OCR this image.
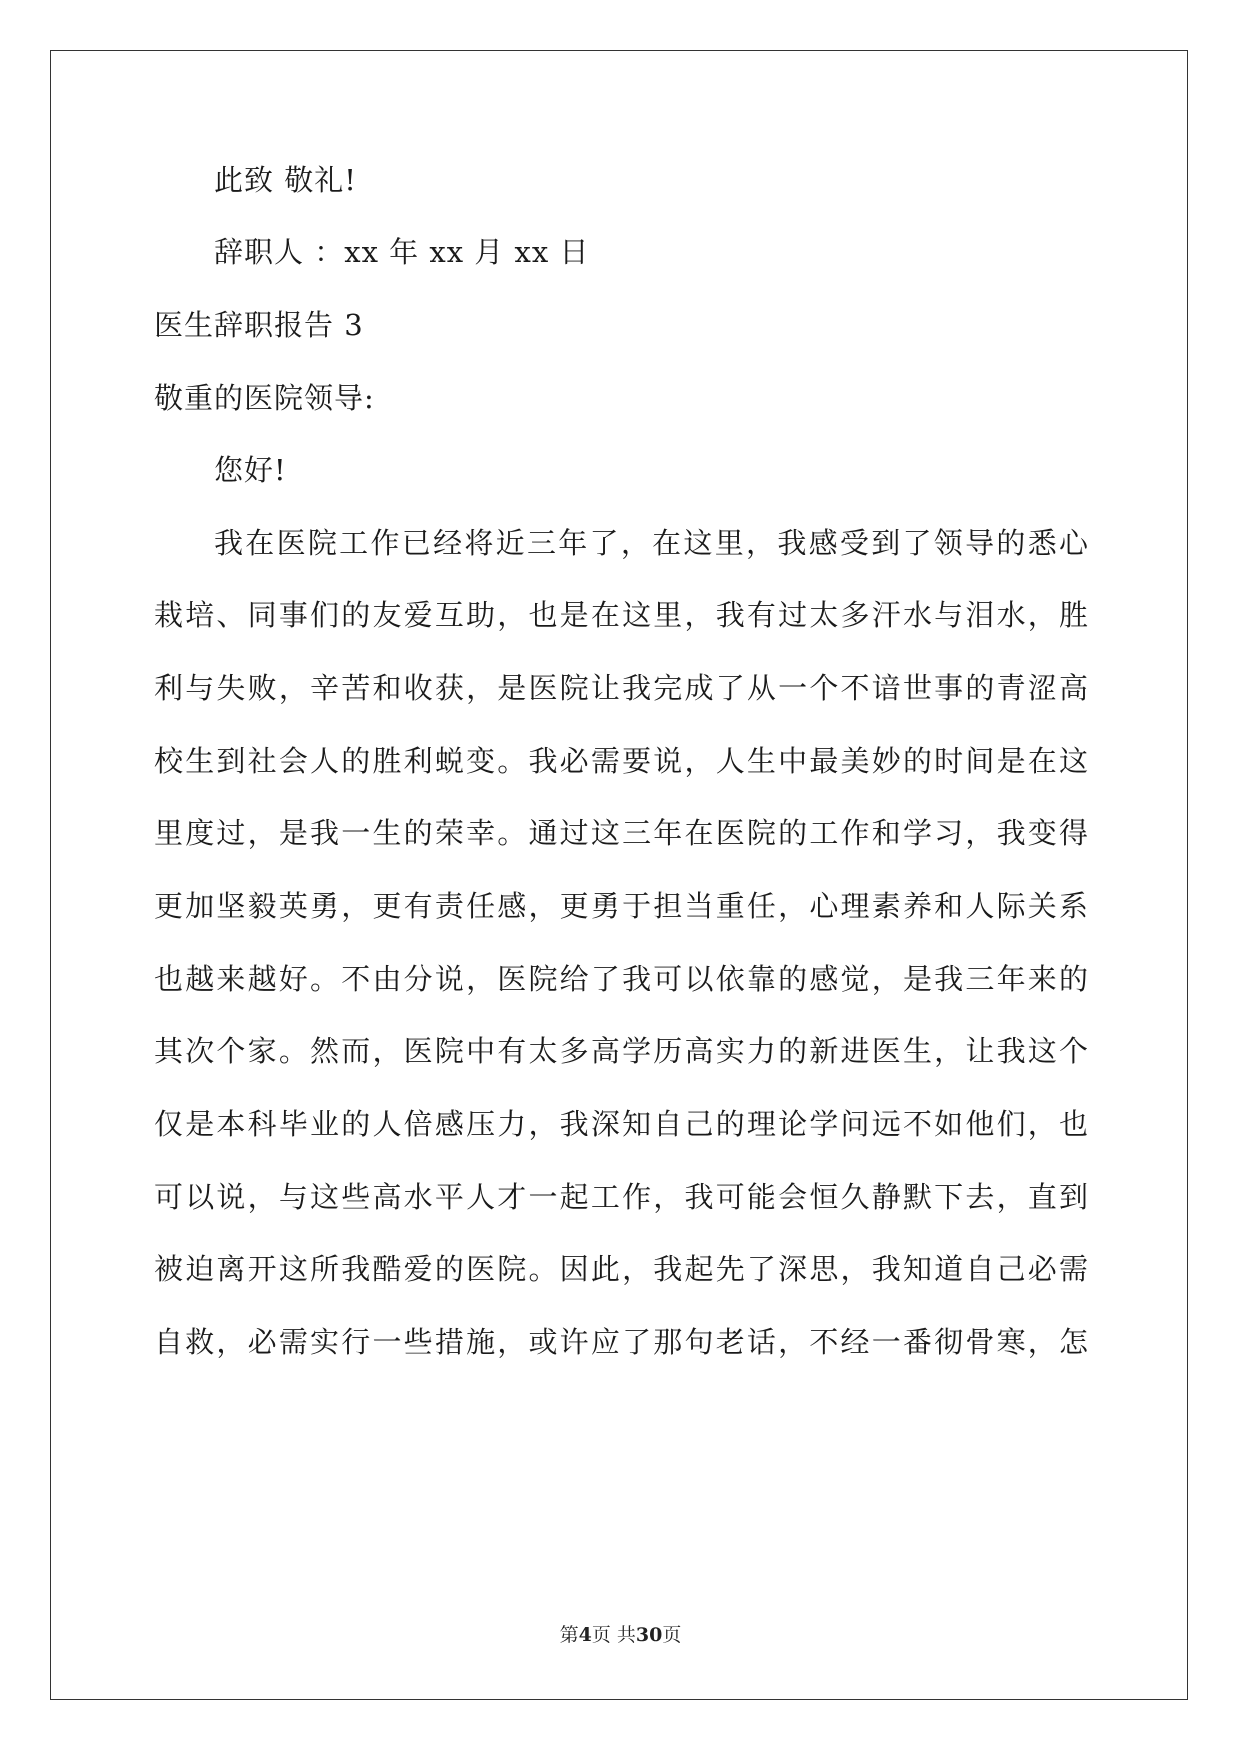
此致 敬礼!
辞职人 ：xx 年 xx 月 xx 日
医生辞职报告 3
敬重的医院领导:
您好!
我在医院工作已经将近三年了，在这里，我感受到了领导的悉心
栽培、同事们的友爱互助，也是在这里，我有过太多汗水与泪水，胜
利与失败，辛苦和收获，是医院让我完成了从一个不谙世事的青涩高
校生到社会人的胜利蜕变。我必需要说，人生中最美妙的时间是在这
里度过，是我一生的荣幸。通过这三年在医院的工作和学习，我变得
更加坚毅英勇，更有责任感，更勇于担当重任，心理素养和人际关系
也越来越好。不由分说，医院给了我可以依靠的感觉，是我三年来的
其次个家。然而，医院中有太多高学历高实力的新进医生，让我这个
仅是本科毕业的人倍感压力，我深知自己的理论学问远不如他们，也
可以说，与这些高水平人才一起工作，我可能会恒久静默下去，直到
被迫离开这所我酷爱的医院。因此，我起先了深思，我知道自己必需
自救，必需实行一些措施，或许应了那句老话，不经一番彻骨寒，怎
第4页 共30页
